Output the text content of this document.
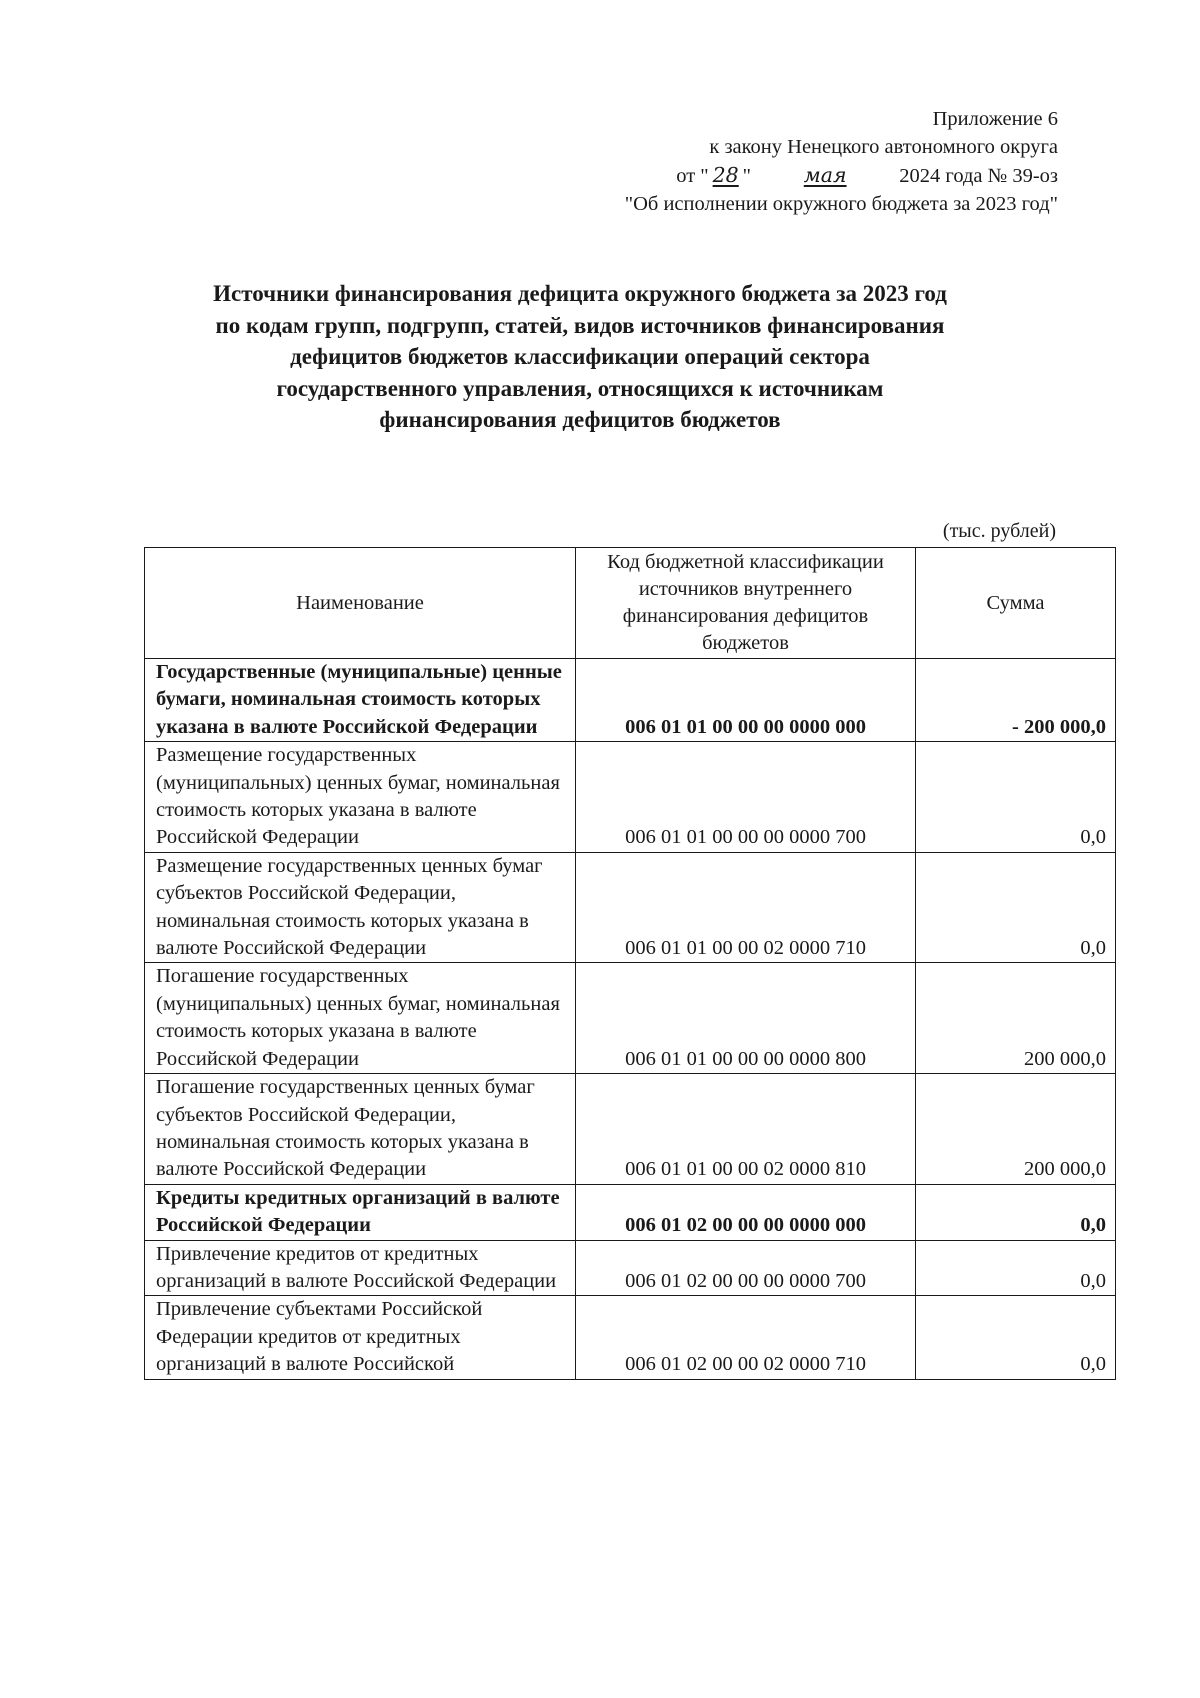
Приложение 6
к закону Ненецкого автономного округа
от " 28 "	мая	2024 года № 39-оз
"Об исполнении окружного бюджета за 2023 год"
Источники финансирования дефицита окружного бюджета за 2023 год
по кодам групп, подгрупп, статей, видов источников финансирования
дефицитов бюджетов классификации операций сектора
государственного управления, относящихся к источникам
финансирования дефицитов бюджетов
(тыс. рублей)
Наименование	Код бюджетной классификации источников внутреннего финансирования дефицитов бюджетов	Сумма
Государственные (муниципальные) ценные бумаги, номинальная стоимость которых указана в валюте Российской Федерации	006 01 01 00 00 00 0000 000	- 200 000,0
Размещение государственных (муниципальных) ценных бумаг, номинальная стоимость которых указана в валюте Российской Федерации	006 01 01 00 00 00 0000 700	0,0
Размещение государственных ценных бумаг субъектов Российской Федерации, номинальная стоимость которых указана в валюте Российской Федерации	006 01 01 00 00 02 0000 710	0,0
Погашение государственных (муниципальных) ценных бумаг, номинальная стоимость которых указана в валюте Российской Федерации	006 01 01 00 00 00 0000 800	200 000,0
Погашение государственных ценных бумаг субъектов Российской Федерации, номинальная стоимость которых указана в валюте Российской Федерации	006 01 01 00 00 02 0000 810	200 000,0
Кредиты кредитных организаций в валюте Российской Федерации	006 01 02 00 00 00 0000 000	0,0
Привлечение кредитов от кредитных организаций в валюте Российской Федерации	006 01 02 00 00 00 0000 700	0,0
Привлечение субъектами Российской Федерации кредитов от кредитных организаций в валюте Российской	006 01 02 00 00 02 0000 710	0,0
